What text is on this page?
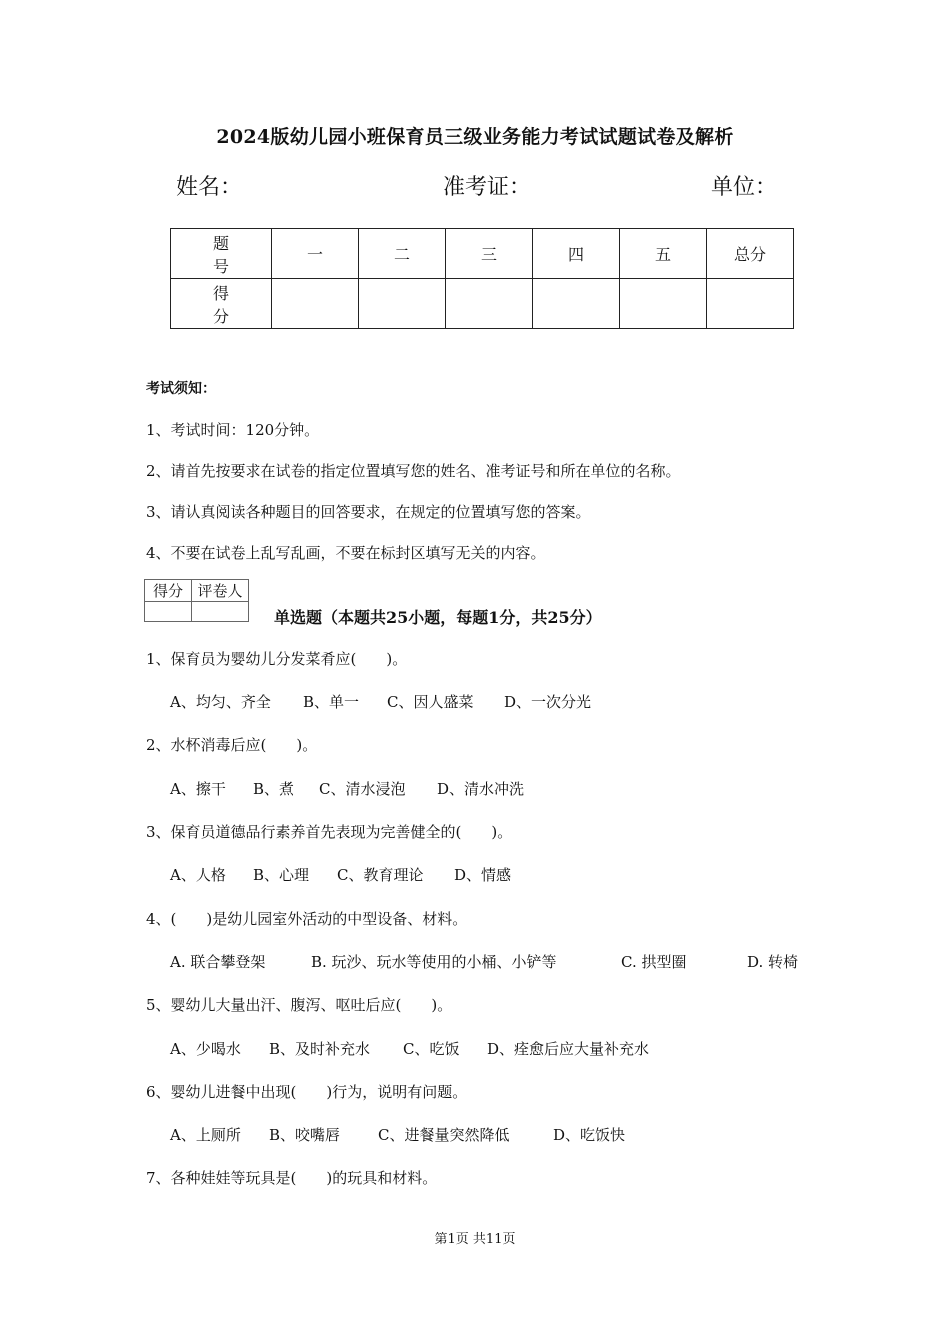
2024版幼儿园小班保育员三级业务能力考试试题试卷及解析
姓名：	准考证：	单位：
题　号	一	二	三	四	五	总分
得　分						
考试须知：
1、考试时间：120分钟。
2、请首先按要求在试卷的指定位置填写您的姓名、准考证号和所在单位的名称。
3、请认真阅读各种题目的回答要求，在规定的位置填写您的答案。
4、不要在试卷上乱写乱画，不要在标封区填写无关的内容。
得分	评卷人

单选题（本题共25小题，每题1分，共25分）
1、保育员为婴幼儿分发菜肴应(　　)。
A、均匀、齐全 B、单一 C、因人盛菜 D、一次分光
2、水杯消毒后应(　　)。
A、擦干 B、煮 C、清水浸泡 D、清水冲洗
3、保育员道德品行素养首先表现为完善健全的(　　)。
A、人格 B、心理 C、教育理论 D、情感
4、(　　)是幼儿园室外活动的中型设备、材料。
A. 联合攀登架	B. 玩沙、玩水等使用的小桶、小铲等	C. 拱型圈	D. 转椅
5、婴幼儿大量出汗、腹泻、呕吐后应(　　)。
A、少喝水 B、及时补充水 C、吃饭 D、痊愈后应大量补充水
6、婴幼儿进餐中出现(　　)行为，说明有问题。
A、上厕所 B、咬嘴唇	C、进餐量突然降低	D、吃饭快
7、各种娃娃等玩具是(　　)的玩具和材料。
第1页 共11页
